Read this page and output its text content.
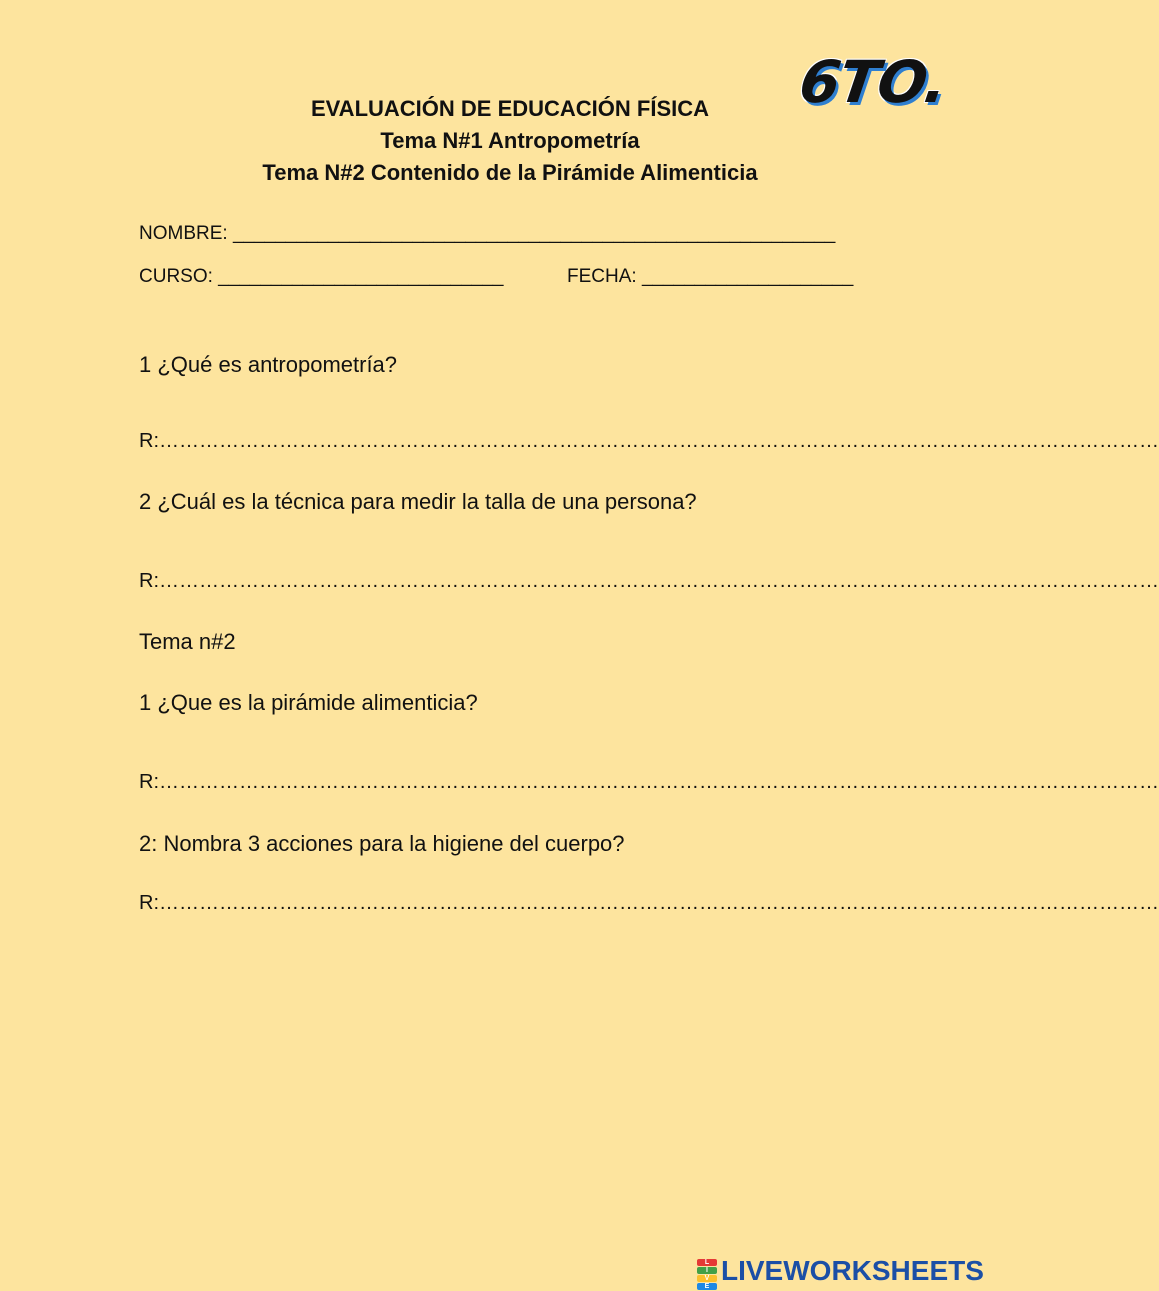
6TO.
EVALUACIÓN DE EDUCACIÓN FÍSICA
Tema N#1 Antropometría
Tema N#2 Contenido de la Pirámide Alimenticia
NOMBRE: _________________________________________________________
CURSO: ___________________________	FECHA: ____________________
1 ¿Qué es antropometría?
R:……………………………………………………………………………………………………………………………………
2 ¿Cuál es la técnica para medir la talla de una persona?
R:……………………………………………………………………………………………………………………………………
Tema n#2
1 ¿Que es la pirámide alimenticia?
R:……………………………………………………………………………………………………………………………………
2: Nombra 3 acciones para la higiene del cuerpo?
R:……………………………………………………………………………………………………………………………………
L
I
V
E LIVEWORKSHEETS
